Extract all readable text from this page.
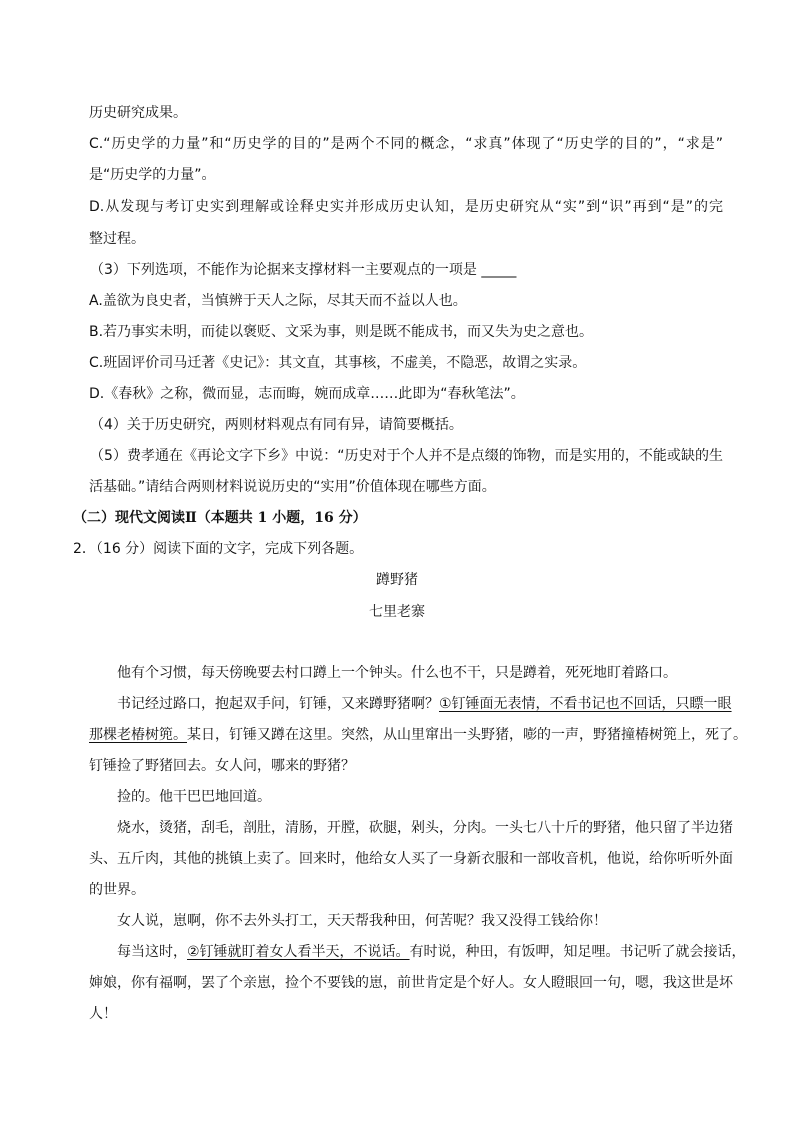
历史研究成果。
C.“历史学的力量”和“历史学的目的”是两个不同的概念，“求真”体现了“历史学的目的”，“求是”
是“历史学的力量”。
D.从发现与考订史实到理解或诠释史实并形成历史认知，是历史研究从“实”到“识”再到“是”的完
整过程。
（3）下列选项，不能作为论据来支撑材料一主要观点的一项是 _____
A.盖欲为良史者，当慎辨于天人之际，尽其天而不益以人也。
B.若乃事实未明，而徒以褒贬、文采为事，则是既不能成书，而又失为史之意也。
C.班固评价司马迁著《史记》：其文直，其事核，不虚美，不隐恶，故谓之实录。
D.《春秋》之称，微而显，志而晦，婉而成章……此即为“春秋笔法”。
（4）关于历史研究，两则材料观点有同有异，请简要概括。
（5）费孝通在《再论文字下乡》中说：“历史对于个人并不是点缀的饰物，而是实用的，不能或缺的生
活基础。”请结合两则材料说说历史的“实用”价值体现在哪些方面。
（二）现代文阅读Ⅱ（本题共 1 小题，16 分）
2．（16 分）阅读下面的文字，完成下列各题。
蹲野猪
七里老寨
他有个习惯，每天傍晚要去村口蹲上一个钟头。什么也不干，只是蹲着，死死地盯着路口。
书记经过路口，抱起双手问，钉锤，又来蹲野猪啊？①钉锤面无表情，不看书记也不回话，只瞟一眼
那棵老椿树篼。某日，钉锤又蹲在这里。突然，从山里窜出一头野猪，嘭的一声，野猪撞椿树篼上，死了。
钉锤捡了野猪回去。女人问，哪来的野猪？
捡的。他干巴巴地回道。
烧水，烫猪，刮毛，剖肚，清肠，开膛，砍腿，剁头，分肉。一头七八十斤的野猪，他只留了半边猪
头、五斤肉，其他的挑镇上卖了。回来时，他给女人买了一身新衣服和一部收音机，他说，给你听听外面
的世界。
女人说，崽啊，你不去外头打工，天天帮我种田，何苦呢？我又没得工钱给你！
每当这时，②钉锤就盯着女人看半天，不说话。有时说，种田，有饭呷，知足哩。书记听了就会接话，
婶娘，你有福啊，罢了个亲崽，捡个不要钱的崽，前世肯定是个好人。女人瞪眼回一句，嗯，我这世是坏
人！
